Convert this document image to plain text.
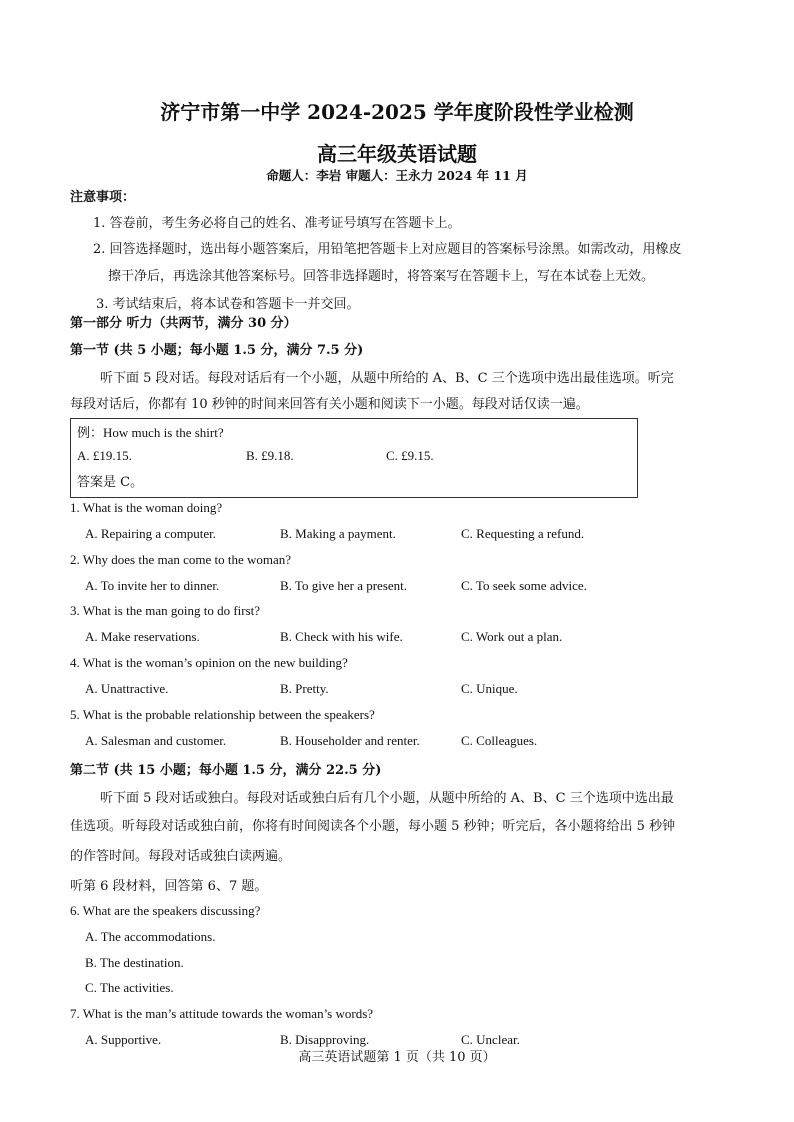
济宁市第一中学 2024-2025 学年度阶段性学业检测
高三年级英语试题
命题人：李岩 审题人：王永力 2024 年 11 月
注意事项：
1. 答卷前，考生务必将自己的姓名、准考证号填写在答题卡上。
2. 回答选择题时，选出每小题答案后，用铅笔把答题卡上对应题目的答案标号涂黑。如需改动，用橡皮
擦干净后，再选涂其他答案标号。回答非选择题时，将答案写在答题卡上，写在本试卷上无效。
3. 考试结束后，将本试卷和答题卡一并交回。
第一部分 听力（共两节，满分 30 分）
第一节 (共 5 小题；每小题 1.5 分，满分 7.5 分)
听下面 5 段对话。每段对话后有一个小题，从题中所给的 A、B、C 三个选项中选出最佳选项。听完
每段对话后，你都有 10 秒钟的时间来回答有关小题和阅读下一小题。每段对话仅读一遍。
例：How much is the shirt?
A. £19.15.	B. £9.18.	C. £9.15.
答案是 C。
1. What is the woman doing?
A. Repairing a computer.	B. Making a payment.	C. Requesting a refund.
2. Why does the man come to the woman?
A. To invite her to dinner.	B. To give her a present.	C. To seek some advice.
3. What is the man going to do first?
A. Make reservations.	B. Check with his wife.	C. Work out a plan.
4. What is the woman’s opinion on the new building?
A. Unattractive.	B. Pretty.	C. Unique.
5. What is the probable relationship between the speakers?
A. Salesman and customer.	B. Householder and renter.	C. Colleagues.
第二节 (共 15 小题；每小题 1.5 分，满分 22.5 分)
听下面 5 段对话或独白。每段对话或独白后有几个小题，从题中所给的 A、B、C 三个选项中选出最
佳选项。听每段对话或独白前，你将有时间阅读各个小题，每小题 5 秒钟；听完后，各小题将给出 5 秒钟
的作答时间。每段对话或独白读两遍。
听第 6 段材料，回答第 6、7 题。
6. What are the speakers discussing?
A. The accommodations.
B. The destination.
C. The activities.
7. What is the man’s attitude towards the woman’s words?
A. Supportive.	B. Disapproving.	C. Unclear.
高三英语试题第 1 页（共 10 页）
